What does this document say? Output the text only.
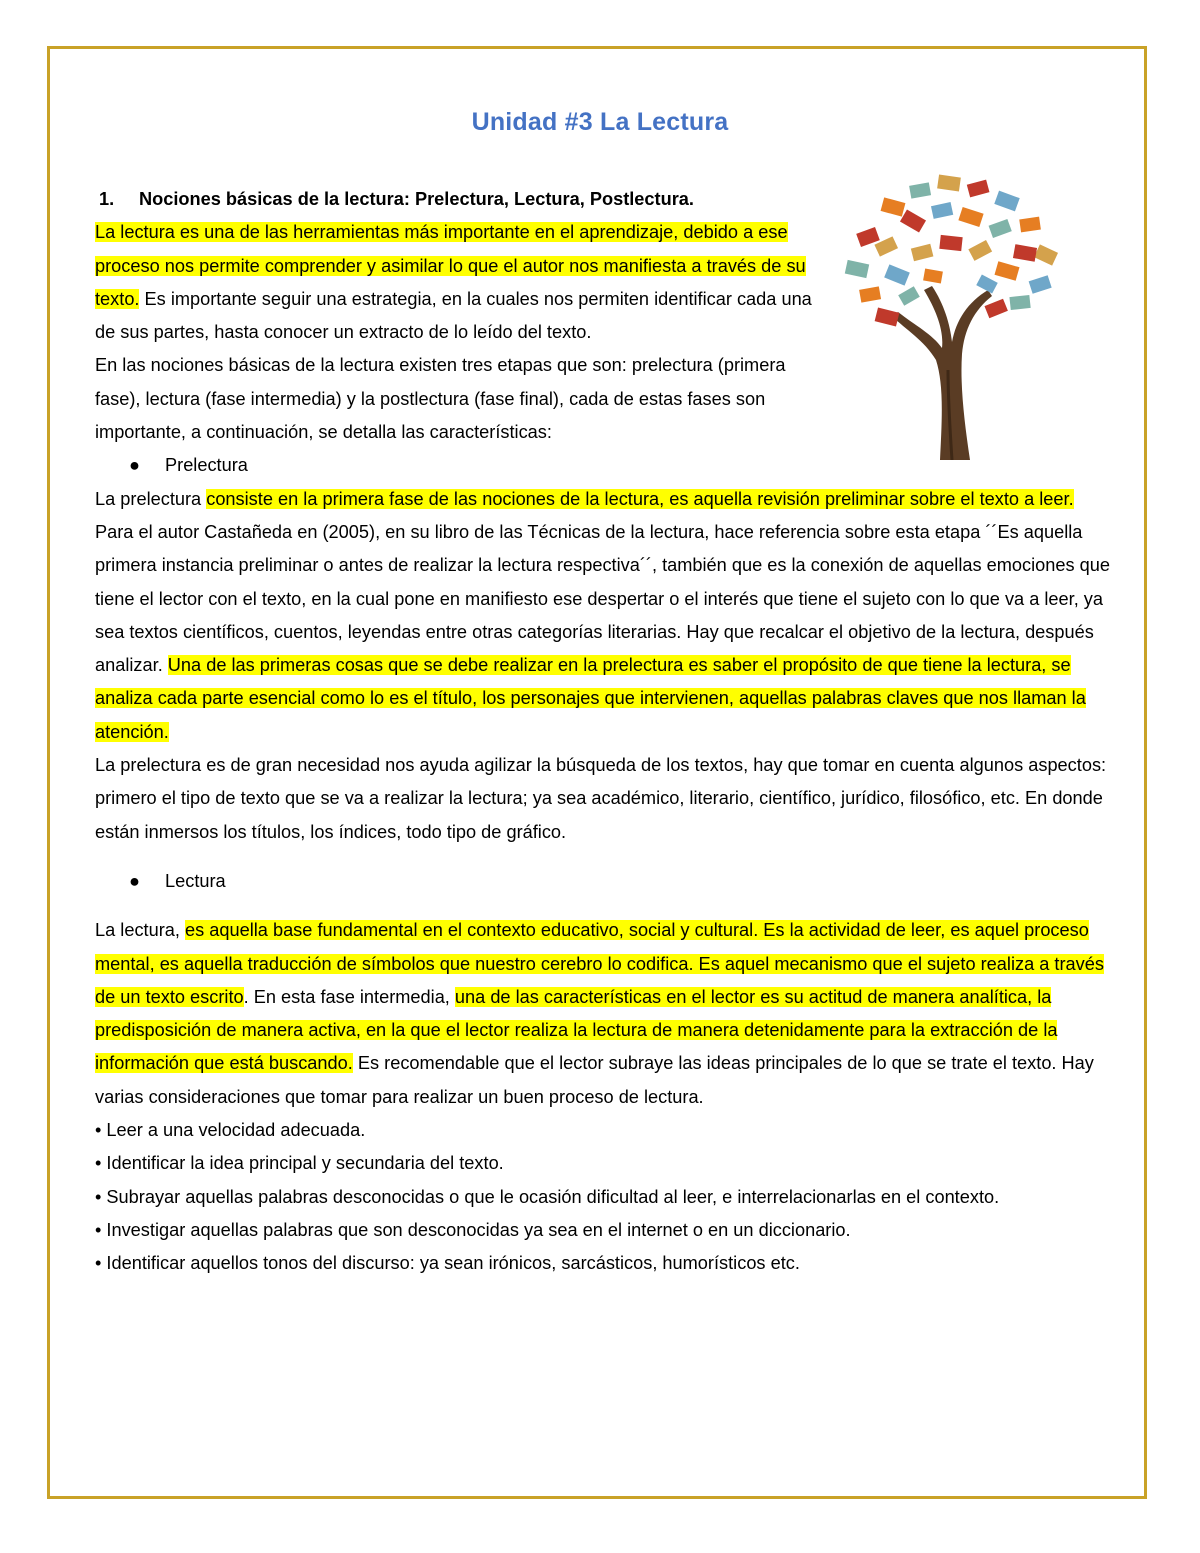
Unidad #3 La Lectura

1. Nociones básicas de la lectura: Prelectura, Lectura, Postlectura.

La lectura es una de las herramientas más importante en el aprendizaje, debido a ese proceso nos permite comprender y asimilar lo que el autor nos manifiesta a través de su texto. Es importante seguir una estrategia, en la cuales nos permiten identificar cada una de sus partes, hasta conocer un extracto de lo leído del texto.

En las nociones básicas de la lectura existen tres etapas que son: prelectura (primera fase), lectura (fase intermedia) y la postlectura (fase final), cada de estas fases son importante, a continuación, se detalla las características:

● Prelectura

La prelectura consiste en la primera fase de las nociones de la lectura, es aquella revisión preliminar sobre el texto a leer. Para el autor Castañeda en (2005), en su libro de las Técnicas de la lectura, hace referencia sobre esta etapa ´´Es aquella primera instancia preliminar o antes de realizar la lectura respectiva´´, también que es la conexión de aquellas emociones que tiene el lector con el texto, en la cual pone en manifiesto ese despertar o el interés que tiene el sujeto con lo que va a leer, ya sea textos científicos, cuentos, leyendas entre otras categorías literarias. Hay que recalcar el objetivo de la lectura, después analizar. Una de las primeras cosas que se debe realizar en la prelectura es saber el propósito de que tiene la lectura, se analiza cada parte esencial como lo es el título, los personajes que intervienen, aquellas palabras claves que nos llaman la atención.

La prelectura es de gran necesidad nos ayuda agilizar la búsqueda de los textos, hay que tomar en cuenta algunos aspectos: primero el tipo de texto que se va a realizar la lectura; ya sea académico, literario, científico, jurídico, filosófico, etc. En donde están inmersos los títulos, los índices, todo tipo de gráfico.

● Lectura

La lectura, es aquella base fundamental en el contexto educativo, social y cultural. Es la actividad de leer, es aquel proceso mental, es aquella traducción de símbolos que nuestro cerebro lo codifica. Es aquel mecanismo que el sujeto realiza a través de un texto escrito. En esta fase intermedia, una de las características en el lector es su actitud de manera analítica, la predisposición de manera activa, en la que el lector realiza la lectura de manera detenidamente para la extracción de la información que está buscando. Es recomendable que el lector subraye las ideas principales de lo que se trate el texto. Hay varias consideraciones que tomar para realizar un buen proceso de lectura.

• Leer a una velocidad adecuada.

• Identificar la idea principal y secundaria del texto.

• Subrayar aquellas palabras desconocidas o que le ocasión dificultad al leer, e interrelacionarlas en el contexto.

• Investigar aquellas palabras que son desconocidas ya sea en el internet o en un diccionario.

• Identificar aquellos tonos del discurso: ya sean irónicos, sarcásticos, humorísticos etc.
